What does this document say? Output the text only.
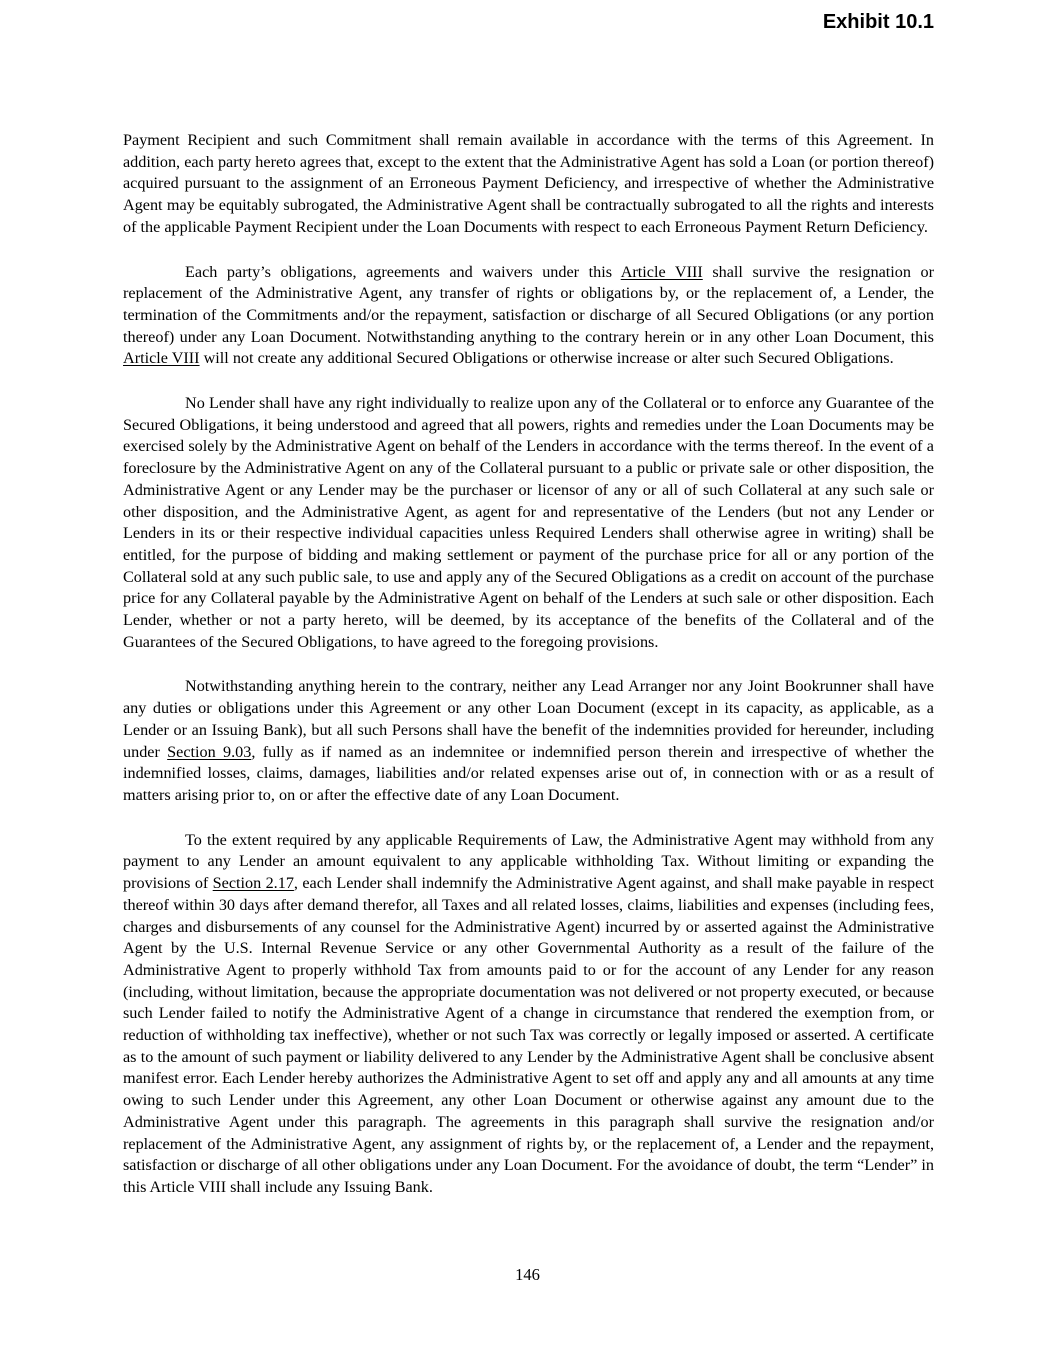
Exhibit 10.1

Payment Recipient and such Commitment shall remain available in accordance with the terms of this Agreement. In addition, each party hereto agrees that, except to the extent that the Administrative Agent has sold a Loan (or portion thereof) acquired pursuant to the assignment of an Erroneous Payment Deficiency, and irrespective of whether the Administrative Agent may be equitably subrogated, the Administrative Agent shall be contractually subrogated to all the rights and interests of the applicable Payment Recipient under the Loan Documents with respect to each Erroneous Payment Return Deficiency.

Each party’s obligations, agreements and waivers under this Article VIII shall survive the resignation or replacement of the Administrative Agent, any transfer of rights or obligations by, or the replacement of, a Lender, the termination of the Commitments and/or the repayment, satisfaction or discharge of all Secured Obligations (or any portion thereof) under any Loan Document. Notwithstanding anything to the contrary herein or in any other Loan Document, this Article VIII will not create any additional Secured Obligations or otherwise increase or alter such Secured Obligations.

No Lender shall have any right individually to realize upon any of the Collateral or to enforce any Guarantee of the Secured Obligations, it being understood and agreed that all powers, rights and remedies under the Loan Documents may be exercised solely by the Administrative Agent on behalf of the Lenders in accordance with the terms thereof. In the event of a foreclosure by the Administrative Agent on any of the Collateral pursuant to a public or private sale or other disposition, the Administrative Agent or any Lender may be the purchaser or licensor of any or all of such Collateral at any such sale or other disposition, and the Administrative Agent, as agent for and representative of the Lenders (but not any Lender or Lenders in its or their respective individual capacities unless Required Lenders shall otherwise agree in writing) shall be entitled, for the purpose of bidding and making settlement or payment of the purchase price for all or any portion of the Collateral sold at any such public sale, to use and apply any of the Secured Obligations as a credit on account of the purchase price for any Collateral payable by the Administrative Agent on behalf of the Lenders at such sale or other disposition. Each Lender, whether or not a party hereto, will be deemed, by its acceptance of the benefits of the Collateral and of the Guarantees of the Secured Obligations, to have agreed to the foregoing provisions.

Notwithstanding anything herein to the contrary, neither any Lead Arranger nor any Joint Bookrunner shall have any duties or obligations under this Agreement or any other Loan Document (except in its capacity, as applicable, as a Lender or an Issuing Bank), but all such Persons shall have the benefit of the indemnities provided for hereunder, including under Section 9.03, fully as if named as an indemnitee or indemnified person therein and irrespective of whether the indemnified losses, claims, damages, liabilities and/or related expenses arise out of, in connection with or as a result of matters arising prior to, on or after the effective date of any Loan Document.

To the extent required by any applicable Requirements of Law, the Administrative Agent may withhold from any payment to any Lender an amount equivalent to any applicable withholding Tax. Without limiting or expanding the provisions of Section 2.17, each Lender shall indemnify the Administrative Agent against, and shall make payable in respect thereof within 30 days after demand therefor, all Taxes and all related losses, claims, liabilities and expenses (including fees, charges and disbursements of any counsel for the Administrative Agent) incurred by or asserted against the Administrative Agent by the U.S. Internal Revenue Service or any other Governmental Authority as a result of the failure of the Administrative Agent to properly withhold Tax from amounts paid to or for the account of any Lender for any reason (including, without limitation, because the appropriate documentation was not delivered or not property executed, or because such Lender failed to notify the Administrative Agent of a change in circumstance that rendered the exemption from, or reduction of withholding tax ineffective), whether or not such Tax was correctly or legally imposed or asserted. A certificate as to the amount of such payment or liability delivered to any Lender by the Administrative Agent shall be conclusive absent manifest error. Each Lender hereby authorizes the Administrative Agent to set off and apply any and all amounts at any time owing to such Lender under this Agreement, any other Loan Document or otherwise against any amount due to the Administrative Agent under this paragraph. The agreements in this paragraph shall survive the resignation and/or replacement of the Administrative Agent, any assignment of rights by, or the replacement of, a Lender and the repayment, satisfaction or discharge of all other obligations under any Loan Document. For the avoidance of doubt, the term “Lender” in this Article VIII shall include any Issuing Bank.

146
